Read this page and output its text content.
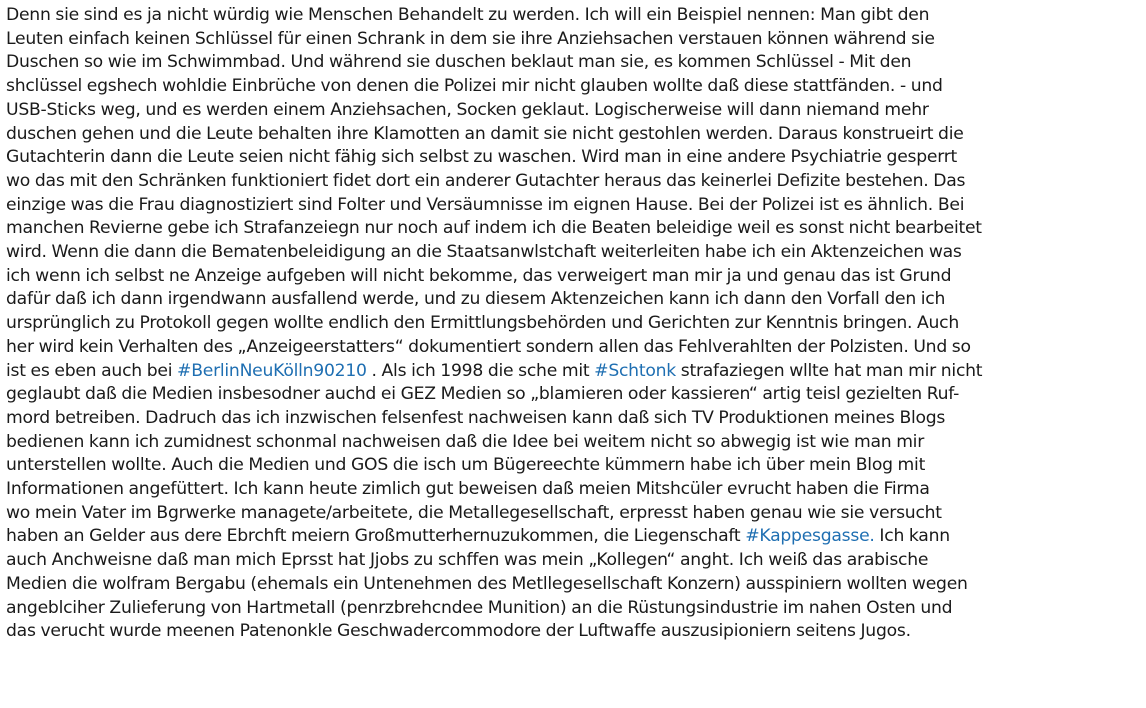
Denn sie sind es ja nicht würdig wie Menschen Behandelt zu werden. Ich will ein Beispiel nennen: Man gibt den
Leuten einfach keinen Schlüssel für einen Schrank in dem sie ihre Anziehsachen verstauen können während sie
Duschen so wie im Schwimmbad. Und während sie duschen beklaut man sie, es kommen Schlüssel - Mit den
shclüssel egshech wohldie Einbrüche von denen die Polizei mir nicht glauben wollte daß diese stattfänden. - und
USB-Sticks weg, und es werden einem Anziehsachen, Socken geklaut. Logischerweise will dann niemand mehr
duschen gehen und die Leute behalten ihre Klamotten an damit sie nicht gestohlen werden. Daraus konstrueirt die
Gutachterin dann die Leute seien nicht fähig sich selbst zu waschen. Wird man in eine andere Psychiatrie gesperrt
wo das mit den Schränken funktioniert fidet dort ein anderer Gutachter heraus das keinerlei Defizite bestehen. Das
einzige was die Frau diagnostiziert sind Folter und Versäumnisse im eignen Hause. Bei der Polizei ist es ähnlich. Bei
manchen Revierne gebe ich Strafanzeiegn nur noch auf indem ich die Beaten beleidige weil es sonst nicht bearbeitet
wird. Wenn die dann die Bematenbeleidigung an die Staatsanwlstchaft weiterleiten habe ich ein Aktenzeichen was
ich wenn ich selbst ne Anzeige aufgeben will nicht bekomme, das verweigert man mir ja und genau das ist Grund
dafür daß ich dann irgendwann ausfallend werde, und zu diesem Aktenzeichen kann ich dann den Vorfall den ich
ursprünglich zu Protokoll gegen wollte endlich den Ermittlungsbehörden und Gerichten zur Kenntnis bringen. Auch
her wird kein Verhalten des „Anzeigeerstatters“ dokumentiert sondern allen das Fehlverahlten der Polzisten. Und so
ist es eben auch bei #BerlinNeuKölln90210 . Als ich 1998 die sche mit #Schtonk strafaziegen wllte hat man mir nicht
geglaubt daß die Medien insbesodner auchd ei GEZ Medien so „blamieren oder kassieren“ artig teisl gezielten Ruf-
mord betreiben. Dadruch das ich inzwischen felsenfest nachweisen kann daß sich TV Produktionen meines Blogs
bedienen kann ich zumidnest schonmal nachweisen daß die Idee bei weitem nicht so abwegig ist wie man mir
unterstellen wollte. Auch die Medien und GOS die isch um Bügereechte kümmern habe ich über mein Blog mit
Informationen angefüttert. Ich kann heute zimlich gut beweisen daß meien Mitshcüler evrucht haben die Firma
wo mein Vater im Bgrwerke managete/arbeitete, die Metallegesellschaft, erpresst haben genau wie sie versucht
haben an Gelder aus dere Ebrchft meiern Großmutterhernuzukommen, die Liegenschaft #Kappesgasse. Ich kann
auch Anchweisne daß man mich Eprsst hat Jjobs zu schffen was mein „Kollegen“ anght. Ich weiß das arabische
Medien die wolfram Bergabu (ehemals ein Untenehmen des Metllegesellschaft Konzern) ausspiniern wollten wegen
angeblciher Zulieferung von Hartmetall (penrzbrehcndee Munition) an die Rüstungsindustrie im nahen Osten und
das verucht wurde meenen Patenonkle Geschwadercommodore der Luftwaffe auszusipioniern seitens Jugos.
